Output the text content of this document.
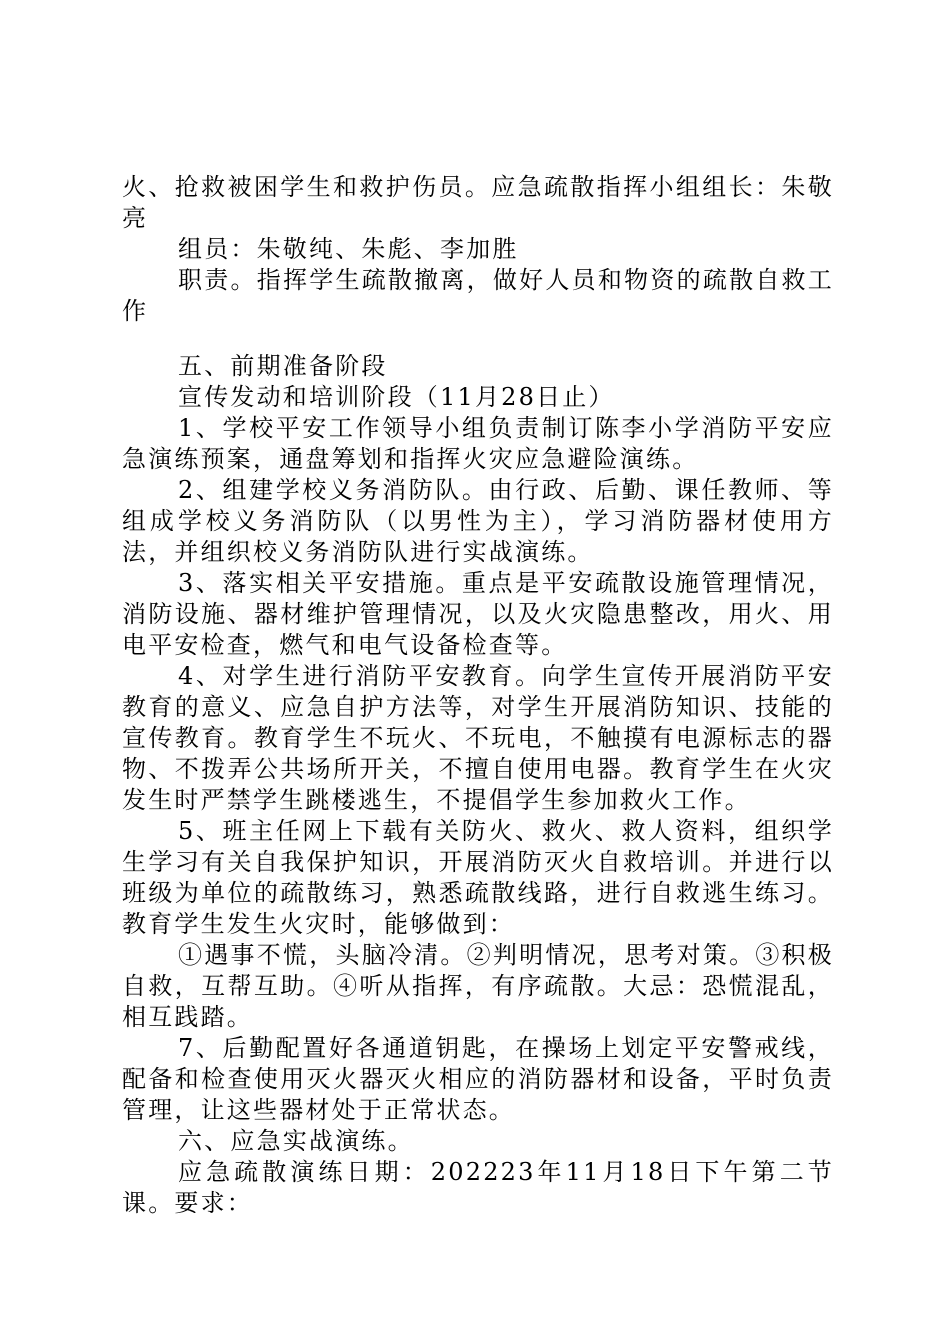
火、抢救被困学生和救护伤员。应急疏散指挥小组组长：朱敬亮

组员：朱敬纯、朱彪、李加胜

职责。指挥学生疏散撤离，做好人员和物资的疏散自救工作

五、前期准备阶段

宣传发动和培训阶段（11月28日止）

1、学校平安工作领导小组负责制订陈李小学消防平安应急演练预案，通盘筹划和指挥火灾应急避险演练。

2、组建学校义务消防队。由行政、后勤、课任教师、等组成学校义务消防队（以男性为主），学习消防器材使用方法，并组织校义务消防队进行实战演练。

3、落实相关平安措施。重点是平安疏散设施管理情况，消防设施、器材维护管理情况，以及火灾隐患整改，用火、用电平安检查，燃气和电气设备检查等。

4、对学生进行消防平安教育。向学生宣传开展消防平安教育的意义、应急自护方法等，对学生开展消防知识、技能的宣传教育。教育学生不玩火、不玩电，不触摸有电源标志的器物、不拨弄公共场所开关，不擅自使用电器。教育学生在火灾发生时严禁学生跳楼逃生，不提倡学生参加救火工作。

5、班主任网上下载有关防火、救火、救人资料，组织学生学习有关自我保护知识，开展消防灭火自救培训。并进行以班级为单位的疏散练习，熟悉疏散线路，进行自救逃生练习。教育学生发生火灾时，能够做到：

①遇事不慌，头脑冷清。②判明情况，思考对策。③积极自救，互帮互助。④听从指挥，有序疏散。大忌：恐慌混乱，相互践踏。

7、后勤配置好各通道钥匙，在操场上划定平安警戒线，配备和检查使用灭火器灭火相应的消防器材和设备，平时负责管理，让这些器材处于正常状态。

六、应急实战演练。

应急疏散演练日期：202223年11月18日下午第二节课。要求：
